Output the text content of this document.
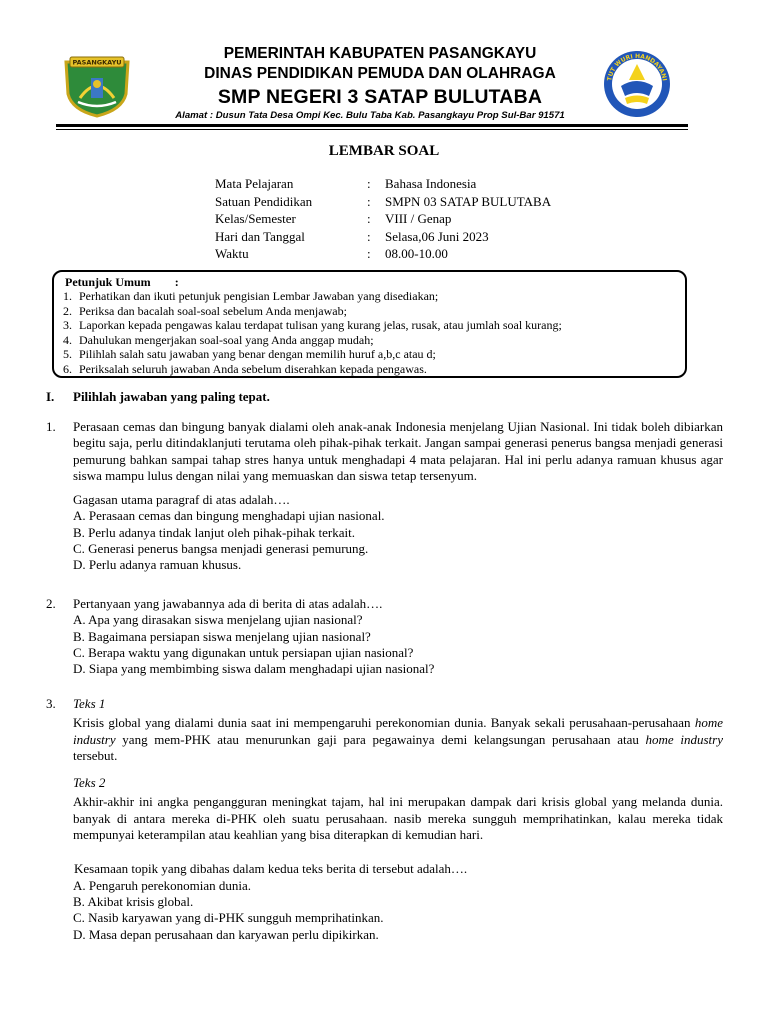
PASANGKAYU
PEMERINTAH KABUPATEN PASANGKAYU
DINAS PENDIDIKAN PEMUDA DAN OLAHRAGA
SMP NEGERI 3 SATAP BULUTABA
TUT WURI HANDAYANI
Alamat : Dusun Tata Desa Ompi Kec. Bulu Taba Kab. Pasangkayu Prop Sul-Bar 91571
LEMBAR SOAL
Mata Pelajaran	: Bahasa Indonesia
Satuan Pendidikan	: SMPN 03 SATAP BULUTABA
Kelas/Semester	: VIII / Genap
Hari dan Tanggal	: Selasa,06 Juni 2023
Waktu	: 08.00-10.00
Petunjuk Umum :
1. Perhatikan dan ikuti petunjuk pengisian Lembar Jawaban yang disediakan;
2. Periksa dan bacalah soal-soal sebelum Anda menjawab;
3. Laporkan kepada pengawas kalau terdapat tulisan yang kurang jelas, rusak, atau jumlah soal kurang;
4. Dahulukan mengerjakan soal-soal yang Anda anggap mudah;
5. Pilihlah salah satu jawaban yang benar dengan memilih huruf a,b,c atau d;
6. Periksalah seluruh jawaban Anda sebelum diserahkan kepada pengawas.
I. Pilihlah jawaban yang paling tepat.
1. Perasaan cemas dan bingung banyak dialami oleh anak-anak Indonesia menjelang Ujian Nasional. Ini tidak boleh dibiarkan begitu saja, perlu ditindaklanjuti terutama oleh pihak-pihak terkait. Jangan sampai generasi penerus bangsa menjadi generasi pemurung bahkan sampai tahap stres hanya untuk menghadapi 4 mata pelajaran. Hal ini perlu adanya ramuan khusus agar siswa mampu lulus dengan nilai yang memuaskan dan siswa tetap tersenyum.

Gagasan utama paragraf di atas adalah….

A. Perasaan cemas dan bingung menghadapi ujian nasional.

B. Perlu adanya tindak lanjut oleh pihak-pihak terkait.

C. Generasi penerus bangsa menjadi generasi pemurung.

D. Perlu adanya ramuan khusus.

2. Pertanyaan yang jawabannya ada di berita di atas adalah….

A. Apa yang dirasakan siswa menjelang ujian nasional?

B. Bagaimana persiapan siswa menjelang ujian nasional?

C. Berapa waktu yang digunakan untuk persiapan ujian nasional?

D. Siapa yang membimbing siswa dalam menghadapi ujian nasional?

3. Teks 1

Krisis global yang dialami dunia saat ini mempengaruhi perekonomian dunia. Banyak sekali perusahaan-perusahaan home industry yang mem-PHK atau menurunkan gaji para pegawainya demi kelangsungan perusahaan atau home industry tersebut.

Teks 2

Akhir-akhir ini angka pengangguran meningkat tajam, hal ini merupakan dampak dari krisis global yang melanda dunia. banyak di antara mereka di-PHK oleh suatu perusahaan. nasib mereka sungguh memprihatinkan, kalau mereka tidak mempunyai keterampilan atau keahlian yang bisa diterapkan di kemudian hari.

Kesamaan topik yang dibahas dalam kedua teks berita di tersebut adalah….

A. Pengaruh perekonomian dunia.

B. Akibat krisis global.

C. Nasib karyawan yang di-PHK sungguh memprihatinkan.

D. Masa depan perusahaan dan karyawan perlu dipikirkan.
